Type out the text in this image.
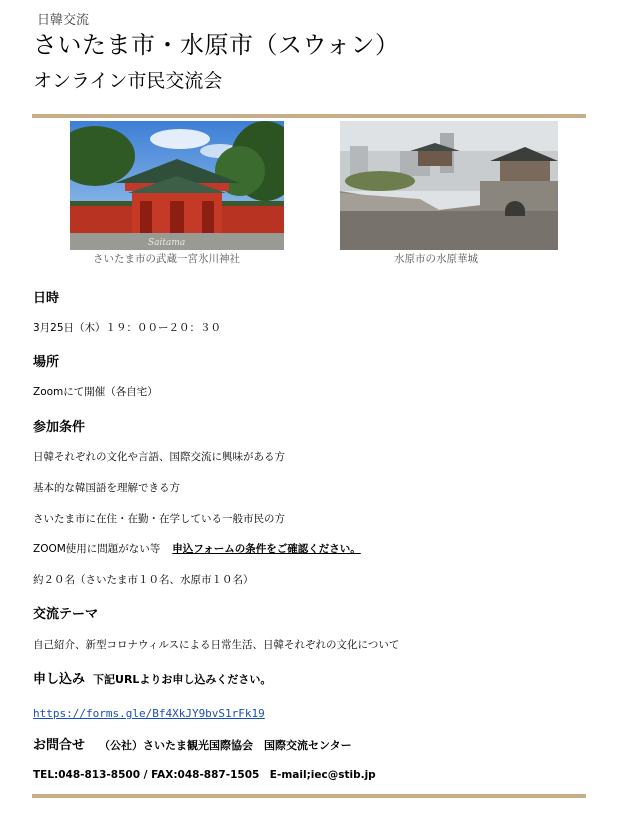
日韓交流
さいたま市・水原市（スウォン）
オンライン市民交流会
Saitama
さいたま市の武蔵一宮氷川神社	水原市の水原華城
日時
3月25日（木）１９：００ー２０：３０
場所
Zoomにて開催（各自宅）
参加条件
日韓それぞれの文化や言語、国際交流に興味がある方
基本的な韓国語を理解できる方
さいたま市に在住・在勤・在学している一般市民の方
ZOOM使用に問題がない等 申込フォームの条件をご確認ください。
約２０名（さいたま市１０名、水原市１０名）
交流テーマ
自己紹介、新型コロナウィルスによる日常生活、日韓それぞれの文化について
申し込み 下記URLよりお申し込みください。
https://forms.gle/Bf4XkJY9bvS1rFk19
お問合せ （公社）さいたま観光国際協会　国際交流センター
TEL:048-813-8500 / FAX:048-887-1505　E-mail;iec@stib.jp
